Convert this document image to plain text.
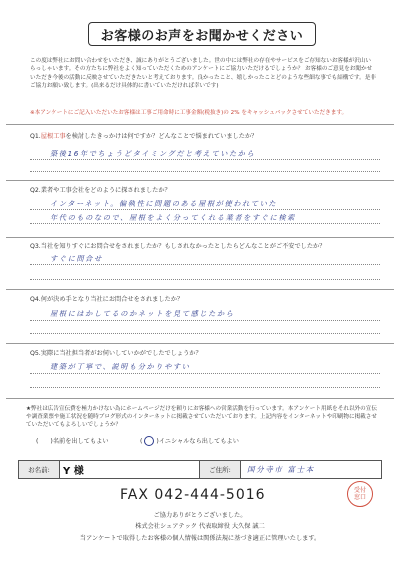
お客様のお声をお聞かせください
この度は弊社にお問い合わせをいただき、誠にありがとうございました。世の中には弊社の存在やサービスをご存知ないお客様が沢山いらっしゃいます。その方たちに弊社をよく知っていただくためのアンケートにご協力いただけるでしょうか？ お客様のご意見をお聞かせいただき今後の活動に反映させていただきたいと考えております。良かったこと、嬉しかったことどのような些細な事でも結構です。是非ご協力お願い致します。(出来るだけ具体的に書いていただければ幸いです)
※本アンケートにご記入いただいたお客様は工事ご用命時に工事金額(税抜き)の 2% をキャッシュバックさせていただきます。
Q1.屋根工事を検討したきっかけは何ですか？どんなことで悩まれていましたか？
築後16年でちょうどタイミングだと考えていたから
Q2.業者や工事会社をどのように探されましたか？
インターネット。偏執性に問題のある屋根が使われていた
年代のものなので、屋根をよく分ってくれる業者をすぐに検索
Q3.当社を知りすぐにお問合せをされましたか？もしされなかったとしたらどんなことがご不安でしたか？
すぐに問合せ
Q4.何が決め手となり当社にお問合せをされましたか？
屋根にはかしてるのかネットを見て感じたから
Q5.実際に当社担当者がお伺いしていかがでしたでしょうか？
建築が丁寧で、説明も分かりやすい
★弊社は広告宣伝費を極力かけない為にホームページだけを頼りにお客様への営業活動を行っています。本アンケート用紙をそれ以外の宣伝や調査業票や施工状況を随時ブログ形式のインターネットに掲載させていただいております。上記内容をインターネットや印刷物に掲載させていただいてもよろしいでしょうか？
( )名前を出してもよい	( )イニシャルなら出してもよい
お名前:	Y 様	ご住所:	国分寺市 富士本
FAX 042-444-5016	受付
窓口
ご協力ありがとうございました。
株式会社シェアテック 代表取締役 大久保 誠二
当アンケートで取得したお客様の個人情報は関係法規に基づき適正に管理いたします。
